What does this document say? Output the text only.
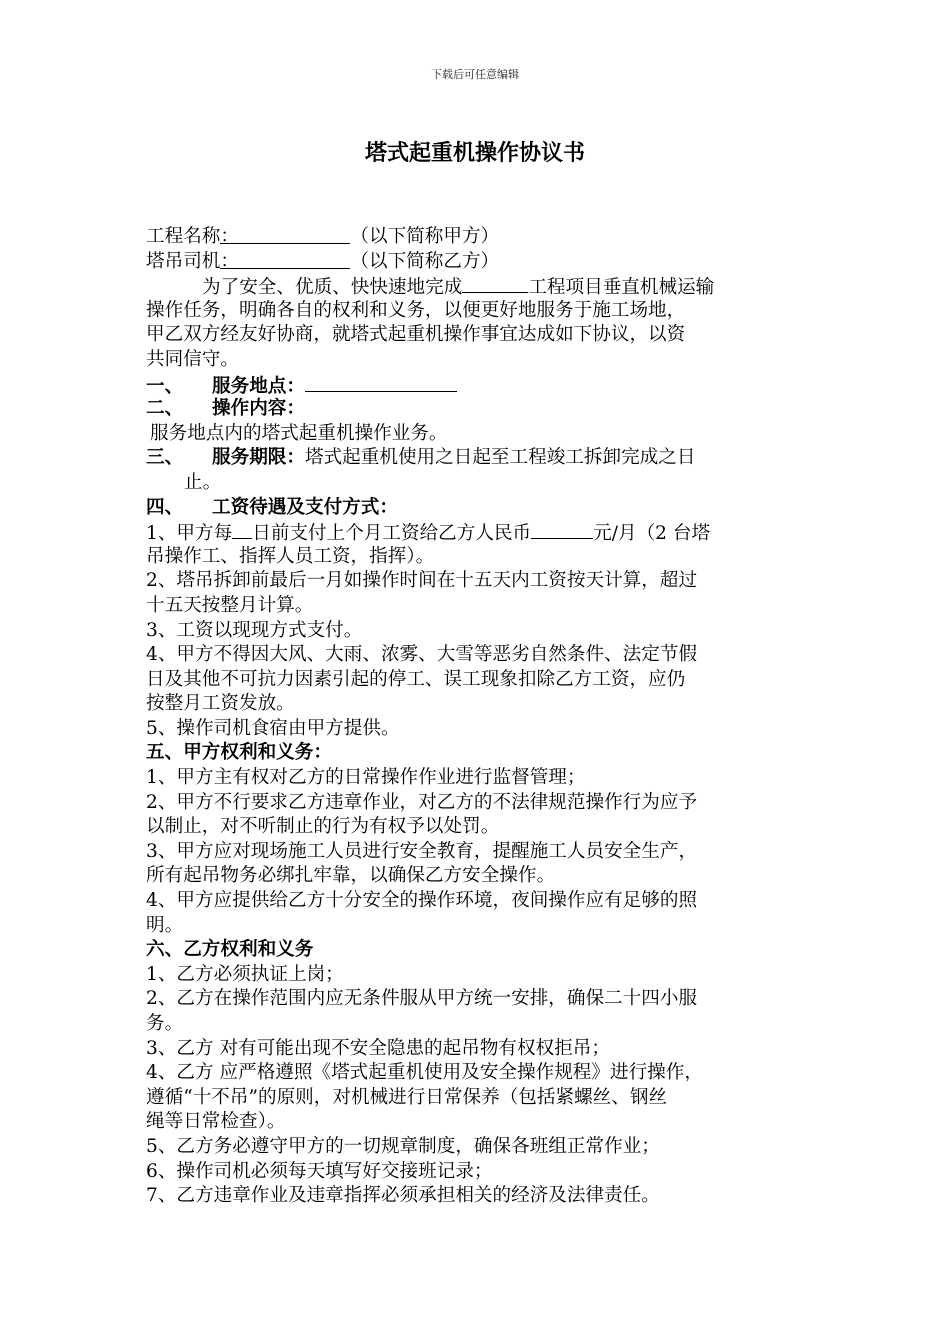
下载后可任意编辑
塔式起重机操作协议书
工程名称：	（以下简称甲方）
塔吊司机：	（以下简称乙方）
为了安全、优质、快快速地完成	工程项目垂直机械运输
操作任务，明确各自的权利和义务，以便更好地服务于施工场地，
甲乙双方经友好协商，就塔式起重机操作事宜达成如下协议，以资
共同信守。
一、 服务地点：
二、 操作内容：
服务地点内的塔式起重机操作业务。
三、 服务期限：塔式起重机使用之日起至工程竣工拆卸完成之日
止。
四、 工资待遇及支付方式：
1、甲方每 日前支付上个月工资给乙方人民币	元/月（2 台塔
吊操作工、指挥人员工资，指挥）。
2、塔吊拆卸前最后一月如操作时间在十五天内工资按天计算，超过
十五天按整月计算。
3、工资以现现方式支付。
4、甲方不得因大风、大雨、浓雾、大雪等恶劣自然条件、法定节假
日及其他不可抗力因素引起的停工、误工现象扣除乙方工资，应仍
按整月工资发放。
5、操作司机食宿由甲方提供。
五、甲方权利和义务：
1、甲方主有权对乙方的日常操作作业进行监督管理；
2、甲方不行要求乙方违章作业，对乙方的不法律规范操作行为应予
以制止，对不听制止的行为有权予以处罚。
3、甲方应对现场施工人员进行安全教育，提醒施工人员安全生产，
所有起吊物务必绑扎牢靠，以确保乙方安全操作。
4、甲方应提供给乙方十分安全的操作环境，夜间操作应有足够的照
明。
六、乙方权利和义务
1、乙方必须执证上岗；
2、乙方在操作范围内应无条件服从甲方统一安排，确保二十四小服
务。
3、乙方 对有可能出现不安全隐患的起吊物有权权拒吊；
4、乙方 应严格遵照《塔式起重机使用及安全操作规程》进行操作，
遵循“十不吊”的原则，对机械进行日常保养（包括紧螺丝、钢丝
绳等日常检查）。
5、乙方务必遵守甲方的一切规章制度，确保各班组正常作业；
6、操作司机必须每天填写好交接班记录；
7、乙方违章作业及违章指挥必须承担相关的经济及法律责任。
